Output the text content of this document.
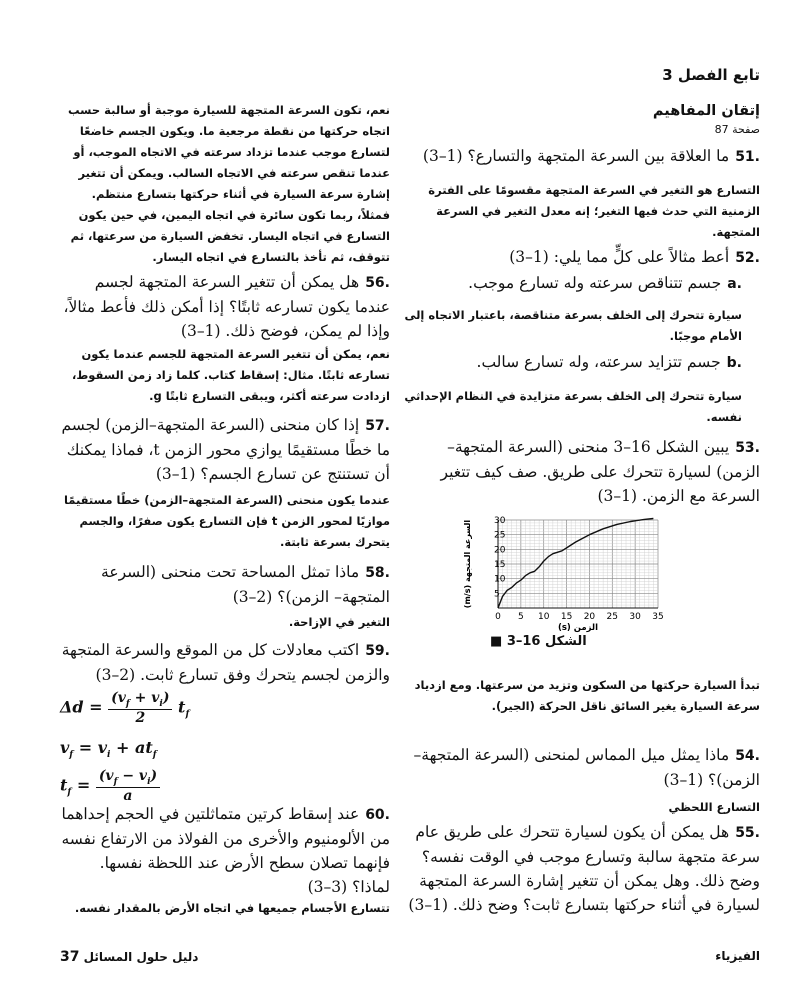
تابع الفصل 3
إتقان المفاهيم
صفحة 87
51.ما العلاقة بين السرعة المتجهة والتسارع؟ (1–3)
التسارع هو التغير في السرعة المتجهة مقسومًا على الفترة الزمنية التي حدث فيها التغير؛ إنه معدل التغير في السرعة المتجهة.
52.أعط مثالاً على كلٍّ مما يلي: (1–3)
a.جسم تتناقص سرعته وله تسارع موجب.
سيارة تتحرك إلى الخلف بسرعة متناقصة، باعتبار الاتجاه إلى الأمام موجبًا.
b.جسم تتزايد سرعته، وله تسارع سالب.
سيارة تتحرك إلى الخلف بسرعة متزايدة في النظام الإحداثي نفسه.
53.يبين الشكل 16–3 منحنى (السرعة المتجهة– الزمن) لسيارة تتحرك على طريق. صف كيف تتغير السرعة مع الزمن. (1–3)
0 5 10 15 20 25 30 35
5
10
15
20
25
30
الزمن (s)
السرعة المتجهة (m/s)
الشكل 16–3 ■
تبدأ السيارة حركتها من السكون وتزيد من سرعتها. ومع ازدياد سرعة السيارة يغير السائق ناقل الحركة (الجير).
54.ماذا يمثل ميل المماس لمنحنى (السرعة المتجهة– الزمن)؟ (1–3)
التسارع اللحظي
55.هل يمكن أن يكون لسيارة تتحرك على طريق عام سرعة متجهة سالبة وتسارع موجب في الوقت نفسه؟ وضح ذلك. وهل يمكن أن تتغير إشارة السرعة المتجهة لسيارة في أثناء حركتها بتسارع ثابت؟ وضح ذلك. (1–3)
نعم، تكون السرعة المتجهة للسيارة موجبة أو سالبة حسب اتجاه حركتها من نقطة مرجعية ما. ويكون الجسم خاضعًا لتسارع موجب عندما تزداد سرعته في الاتجاه الموجب، أو عندما تنقص سرعته في الاتجاه السالب. ويمكن أن تتغير إشارة سرعة السيارة في أثناء حركتها بتسارع منتظم. فمثلاً، ربما تكون سائرة في اتجاه اليمين، في حين يكون التسارع في اتجاه اليسار. تخفض السيارة من سرعتها، ثم تتوقف، ثم تأخذ بالتسارع في اتجاه اليسار.
56.هل يمكن أن تتغير السرعة المتجهة لجسم عندما يكون تسارعه ثابتًا؟ إذا أمكن ذلك فأعط مثالاً، وإذا لم يمكن، فوضح ذلك. (1–3)
نعم، يمكن أن تتغير السرعة المتجهة للجسم عندما يكون تسارعه ثابتًا. مثال: إسقاط كتاب. كلما زاد زمن السقوط، ازدادت سرعته أكثر، ويبقى التسارع ثابتًا g.
57.إذا كان منحنى (السرعة المتجهة–الزمن) لجسم ما خطًا مستقيمًا يوازي محور الزمن t، فماذا يمكنك أن تستنتج عن تسارع الجسم؟ (1–3)
عندما يكون منحنى (السرعة المتجهة–الزمن) خطًا مستقيمًا موازيًا لمحور الزمن t فإن التسارع يكون صفرًا، والجسم يتحرك بسرعة ثابتة.
58.ماذا تمثل المساحة تحت منحنى (السرعة المتجهة– الزمن)؟ (2–3)
التغير في الإزاحة.
59.اكتب معادلات كل من الموقع والسرعة المتجهة والزمن لجسم يتحرك وفق تسارع ثابت. (2–3)
$\Delta d = \frac{(v_f + v_i)}{2} t_f$
$v_f = v_i + at_f$
$t_f = \frac{(v_f - v_i)}{a}$
60.عند إسقاط كرتين متماثلتين في الحجم إحداهما من الألومنيوم والأخرى من الفولاذ من الارتفاع نفسه فإنهما تصلان سطح الأرض عند اللحظة نفسها. لماذا؟ (3–3)
تتسارع الأجسام جميعها في اتجاه الأرض بالمقدار نفسه.
الفيزياء
37 دليل حلول المسائل
